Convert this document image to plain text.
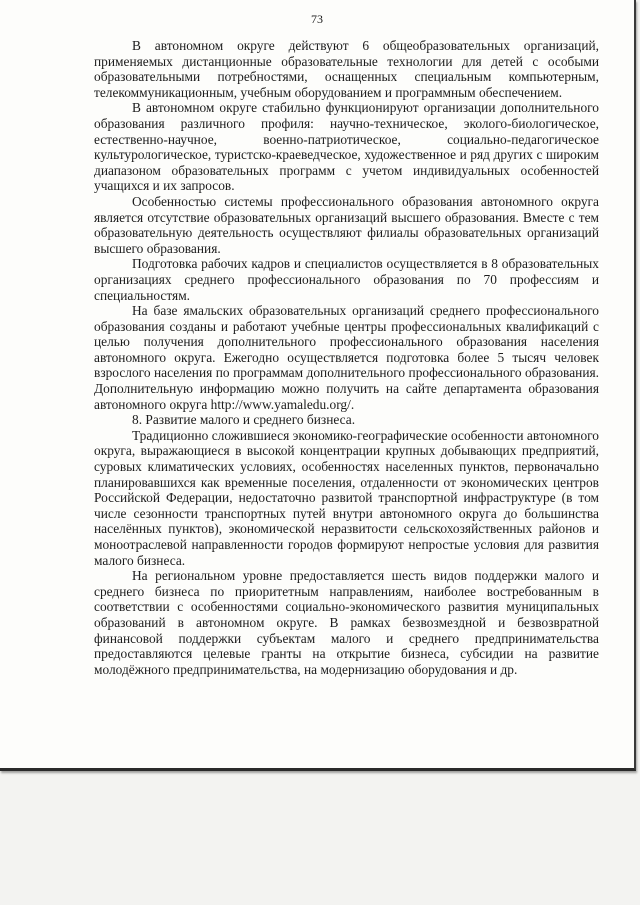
73

В автономном округе действуют 6 общеобразовательных организаций, применяемых дистанционные образовательные технологии для детей с особыми образовательными потребностями, оснащенных специальным компьютерным, телекоммуникационным, учебным оборудованием и программным обеспечением.

В автономном округе стабильно функционируют организации дополнительного образования различного профиля: научно-техническое, эколого-биологическое, естественно-научное, военно-патриотическое, социально-педагогическое культурологическое, туристско-краеведческое, художественное и ряд других с широким диапазоном образовательных программ с учетом индивидуальных особенностей учащихся и их запросов.

Особенностью системы профессионального образования автономного округа является отсутствие образовательных организаций высшего образования. Вместе с тем образовательную деятельность осуществляют филиалы образовательных организаций высшего образования.

Подготовка рабочих кадров и специалистов осуществляется в 8 образовательных организациях среднего профессионального образования по 70 профессиям и специальностям.

На базе ямальских образовательных организаций среднего профессионального образования созданы и работают учебные центры профессиональных квалификаций с целью получения дополнительного профессионального образования населения автономного округа. Ежегодно осуществляется подготовка более 5 тысяч человек взрослого населения по программам дополнительного профессионального образования. Дополнительную информацию можно получить на сайте департамента образования автономного округа http://www.yamaledu.org/.

8. Развитие малого и среднего бизнеса.

Традиционно сложившиеся экономико-географические особенности автономного округа, выражающиеся в высокой концентрации крупных добывающих предприятий, суровых климатических условиях, особенностях населенных пунктов, первоначально планировавшихся как временные поселения, отдаленности от экономических центров Российской Федерации, недостаточно развитой транспортной инфраструктуре (в том числе сезонности транспортных путей внутри автономного округа до большинства населённых пунктов), экономической неразвитости сельскохозяйственных районов и моноотраслевой направленности городов формируют непростые условия для развития малого бизнеса.

На региональном уровне предоставляется шесть видов поддержки малого и среднего бизнеса по приоритетным направлениям, наиболее востребованным в соответствии с особенностями социально-экономического развития муниципальных образований в автономном округе. В рамках безвозмездной и безвозвратной финансовой поддержки субъектам малого и среднего предпринимательства предоставляются целевые гранты на открытие бизнеса, субсидии на развитие молодёжного предпринимательства, на модернизацию оборудования и др.
